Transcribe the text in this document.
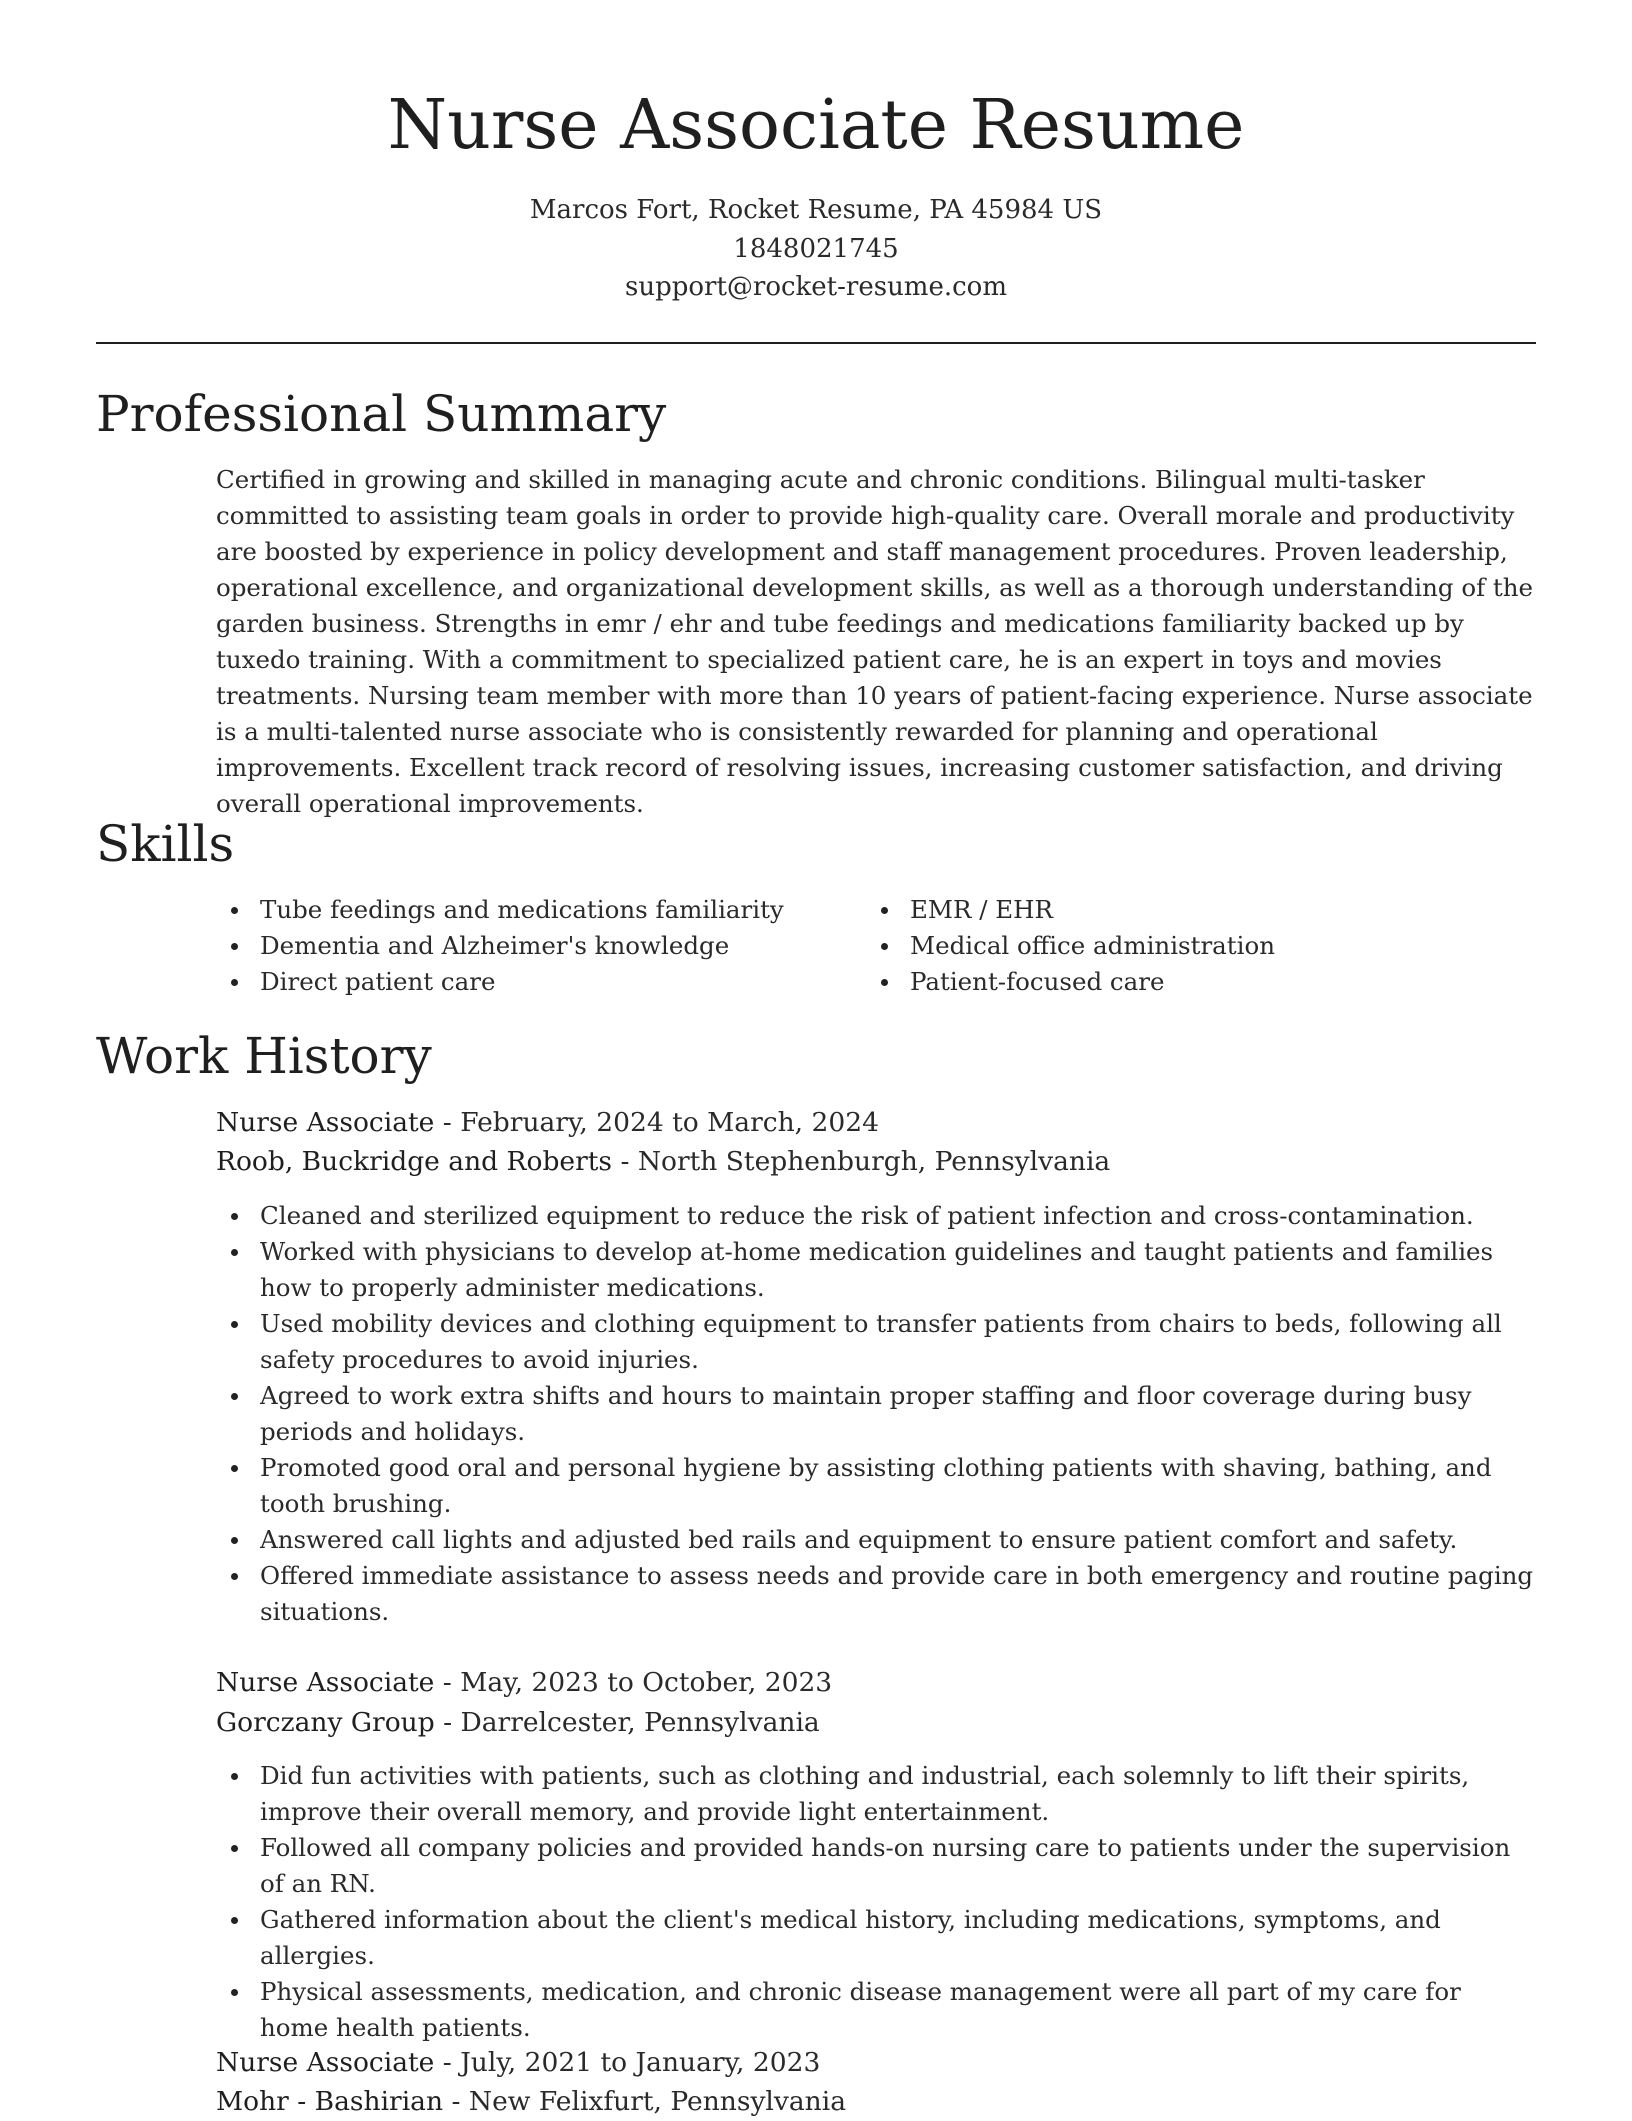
Nurse Associate Resume
Marcos Fort, Rocket Resume, PA 45984 US
1848021745
support@rocket-resume.com
Professional Summary

Certified in growing and skilled in managing acute and chronic conditions. Bilingual multi-tasker committed to assisting team goals in order to provide high-quality care. Overall morale and productivity are boosted by experience in policy development and staff management procedures. Proven leadership, operational excellence, and organizational development skills, as well as a thorough understanding of the garden business. Strengths in emr / ehr and tube feedings and medications familiarity backed up by tuxedo training. With a commitment to specialized patient care, he is an expert in toys and movies treatments. Nursing team member with more than 10 years of patient-facing experience. Nurse associate is a multi-talented nurse associate who is consistently rewarded for planning and operational improvements. Excellent track record of resolving issues, increasing customer satisfaction, and driving overall operational improvements.

Skills
Tube feedings and medications familiarity
Dementia and Alzheimer's knowledge
Direct patient care
EMR / EHR
Medical office administration
Patient-focused care
Work History
Nurse Associate - February, 2024 to March, 2024
Roob, Buckridge and Roberts - North Stephenburgh, Pennsylvania
Cleaned and sterilized equipment to reduce the risk of patient infection and cross-contamination.
Worked with physicians to develop at-home medication guidelines and taught patients and families how to properly administer medications.
Used mobility devices and clothing equipment to transfer patients from chairs to beds, following all safety procedures to avoid injuries.
Agreed to work extra shifts and hours to maintain proper staffing and floor coverage during busy periods and holidays.
Promoted good oral and personal hygiene by assisting clothing patients with shaving, bathing, and tooth brushing.
Answered call lights and adjusted bed rails and equipment to ensure patient comfort and safety.
Offered immediate assistance to assess needs and provide care in both emergency and routine paging situations.
Nurse Associate - May, 2023 to October, 2023
Gorczany Group - Darrelcester, Pennsylvania
Did fun activities with patients, such as clothing and industrial, each solemnly to lift their spirits, improve their overall memory, and provide light entertainment.
Followed all company policies and provided hands-on nursing care to patients under the supervision of an RN.
Gathered information about the client's medical history, including medications, symptoms, and allergies.
Physical assessments, medication, and chronic disease management were all part of my care for home health patients.
Nurse Associate - July, 2021 to January, 2023
Mohr - Bashirian - New Felixfurt, Pennsylvania
